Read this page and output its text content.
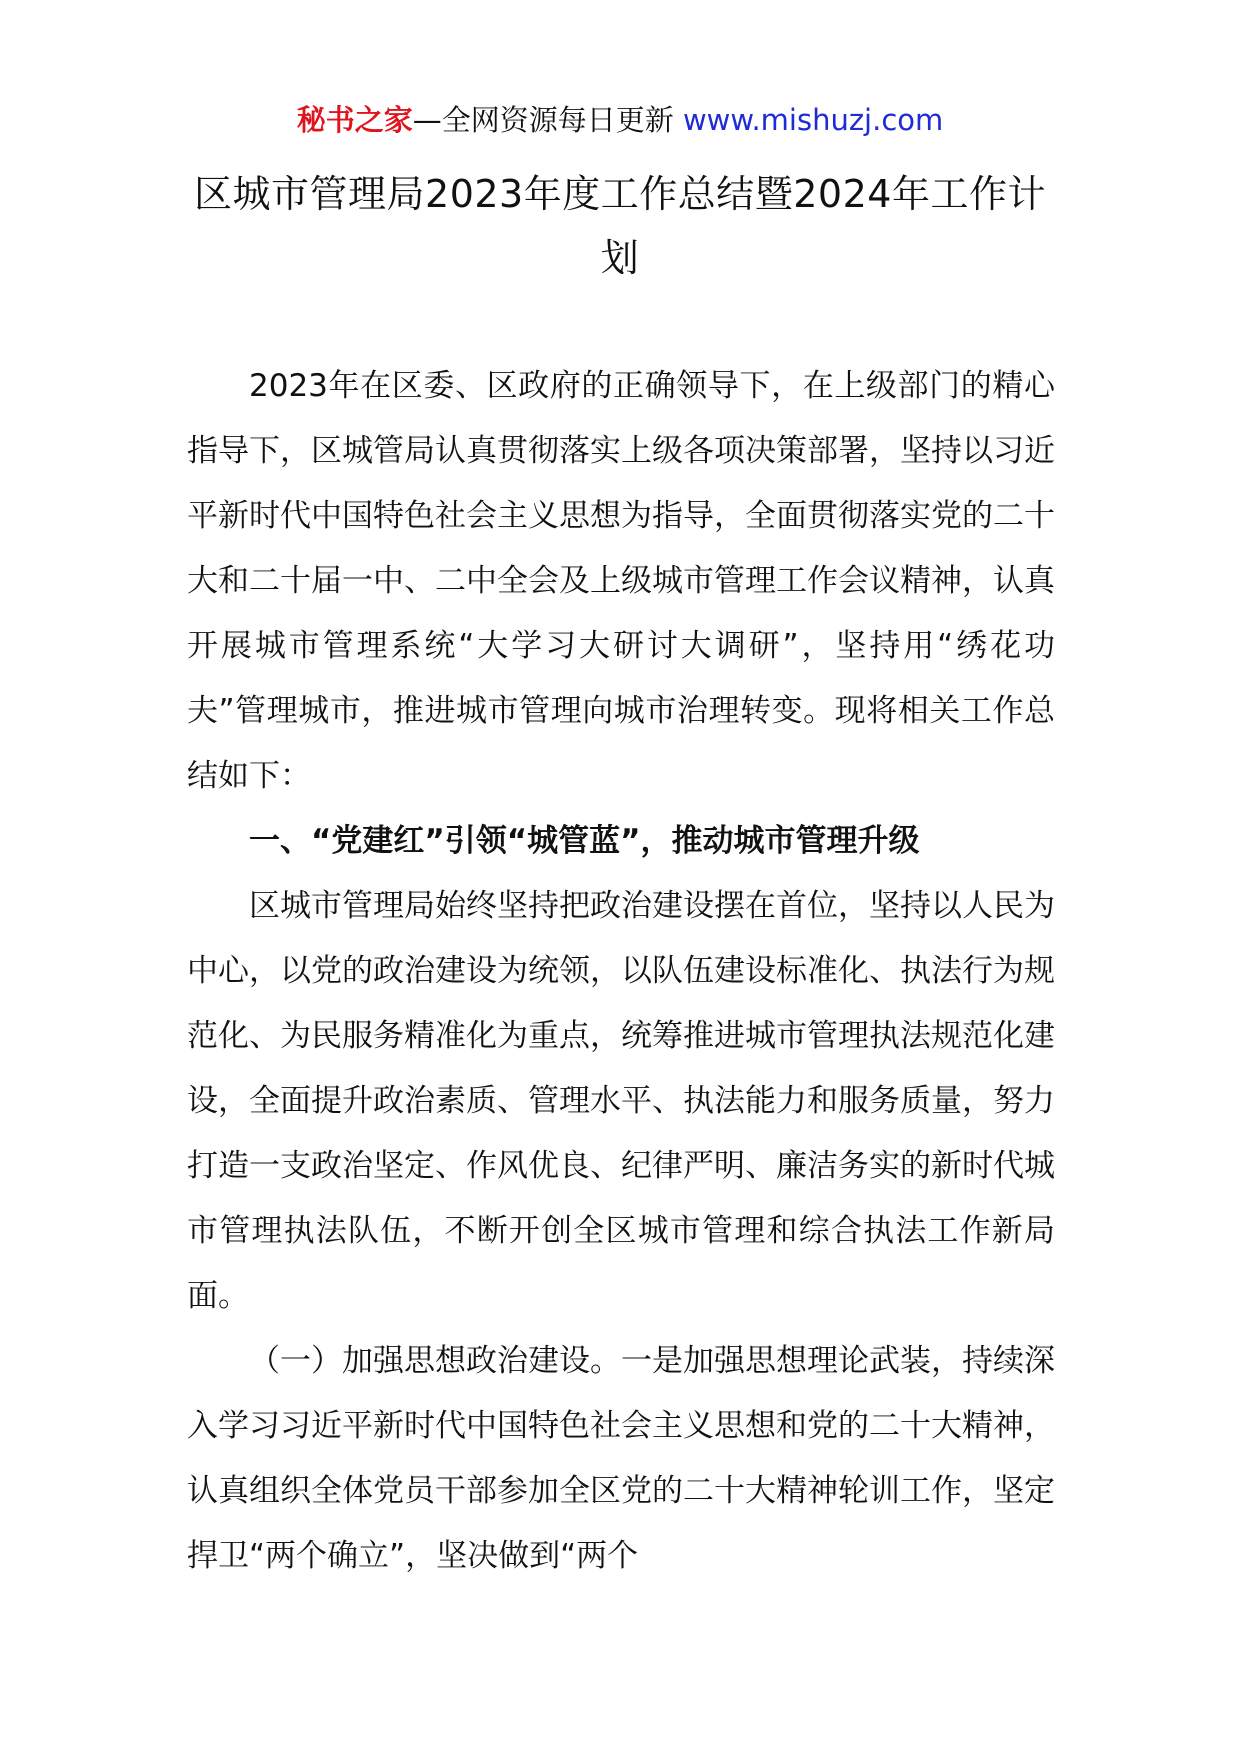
秘书之家—全网资源每日更新 www.mishuzj.com
区城市管理局2023年度工作总结暨2024年工作计划

2023年在区委、区政府的正确领导下，在上级部门的精心指导下，区城管局认真贯彻落实上级各项决策部署，坚持以习近平新时代中国特色社会主义思想为指导，全面贯彻落实党的二十大和二十届一中、二中全会及上级城市管理工作会议精神，认真开展城市管理系统“大学习大研讨大调研”，坚持用“绣花功夫”管理城市，推进城市管理向城市治理转变。现将相关工作总结如下：

一、“党建红”引领“城管蓝”，推动城市管理升级

区城市管理局始终坚持把政治建设摆在首位，坚持以人民为中心，以党的政治建设为统领，以队伍建设标准化、执法行为规范化、为民服务精准化为重点，统筹推进城市管理执法规范化建设，全面提升政治素质、管理水平、执法能力和服务质量，努力打造一支政治坚定、作风优良、纪律严明、廉洁务实的新时代城市管理执法队伍，不断开创全区城市管理和综合执法工作新局面。

（一）加强思想政治建设。一是加强思想理论武装，持续深入学习习近平新时代中国特色社会主义思想和党的二十大精神，认真组织全体党员干部参加全区党的二十大精神轮训工作，坚定捍卫“两个确立”，坚决做到“两个
